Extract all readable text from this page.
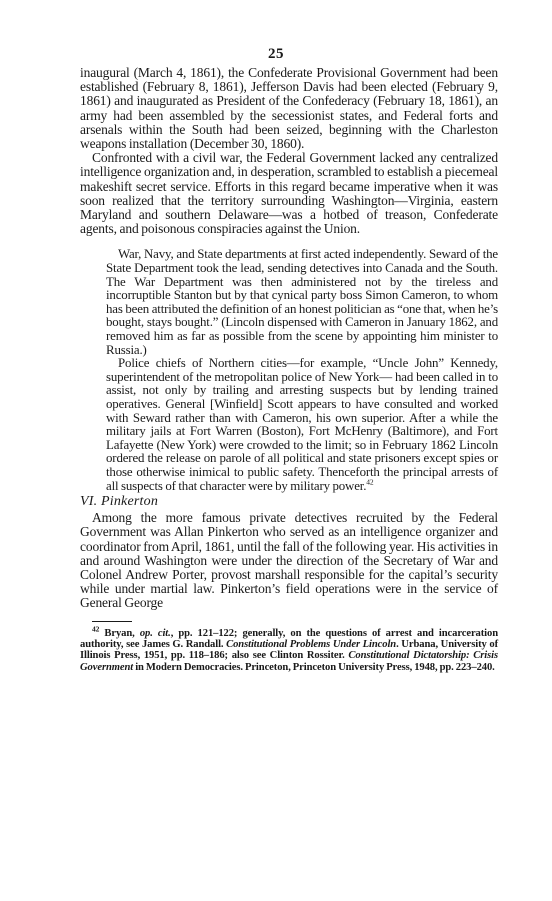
25

inaugural (March 4, 1861), the Confederate Provisional Government had been established (February 8, 1861), Jefferson Davis had been elected (February 9, 1861) and inaugurated as President of the Confederacy (February 18, 1861), an army had been assembled by the secessionist states, and Federal forts and arsenals within the South had been seized, beginning with the Charleston weapons installation (December 30, 1860).

Confronted with a civil war, the Federal Government lacked any centralized intelligence organization and, in desperation, scrambled to establish a piecemeal makeshift secret service. Efforts in this regard became imperative when it was soon realized that the territory surrounding Washington—Virginia, eastern Maryland and southern Delaware—was a hotbed of treason, Confederate agents, and poisonous conspiracies against the Union.

War, Navy, and State departments at first acted independently. Seward of the State Department took the lead, sending detectives into Canada and the South. The War Department was then administered not by the tireless and incorruptible Stanton but by that cynical party boss Simon Cameron, to whom has been attributed the definition of an honest politician as “one that, when he’s bought, stays bought.” (Lincoln dispensed with Cameron in January 1862, and removed him as far as possible from the scene by appointing him minister to Russia.)

Police chiefs of Northern cities—for example, “Uncle John” Kennedy, superintendent of the metropolitan police of New York— had been called in to assist, not only by trailing and arresting suspects but by lending trained operatives. General [Winfield] Scott appears to have consulted and worked with Seward rather than with Cameron, his own superior. After a while the military jails at Fort Warren (Boston), Fort McHenry (Baltimore), and Fort Lafayette (New York) were crowded to the limit; so in February 1862 Lincoln ordered the release on parole of all political and state prisoners except spies or those otherwise inimical to public safety. Thenceforth the principal arrests of all suspects of that character were by military power.$^{42}$

VI. Pinkerton

Among the more famous private detectives recruited by the Federal Government was Allan Pinkerton who served as an intelligence organizer and coordinator from April, 1861, until the fall of the following year. His activities in and around Washington were under the direction of the Secretary of War and Colonel Andrew Porter, provost marshall responsible for the capital’s security while under martial law. Pinkerton’s field operations were in the service of General George

$^{42}$ Bryan, op. cit., pp. 121–122; generally, on the questions of arrest and incarceration authority, see James G. Randall. Constitutional Problems Under Lincoln. Urbana, University of Illinois Press, 1951, pp. 118–186; also see Clinton Rossiter. Constitutional Dictatorship: Crisis Government in Modern Democracies. Princeton, Princeton University Press, 1948, pp. 223–240.
